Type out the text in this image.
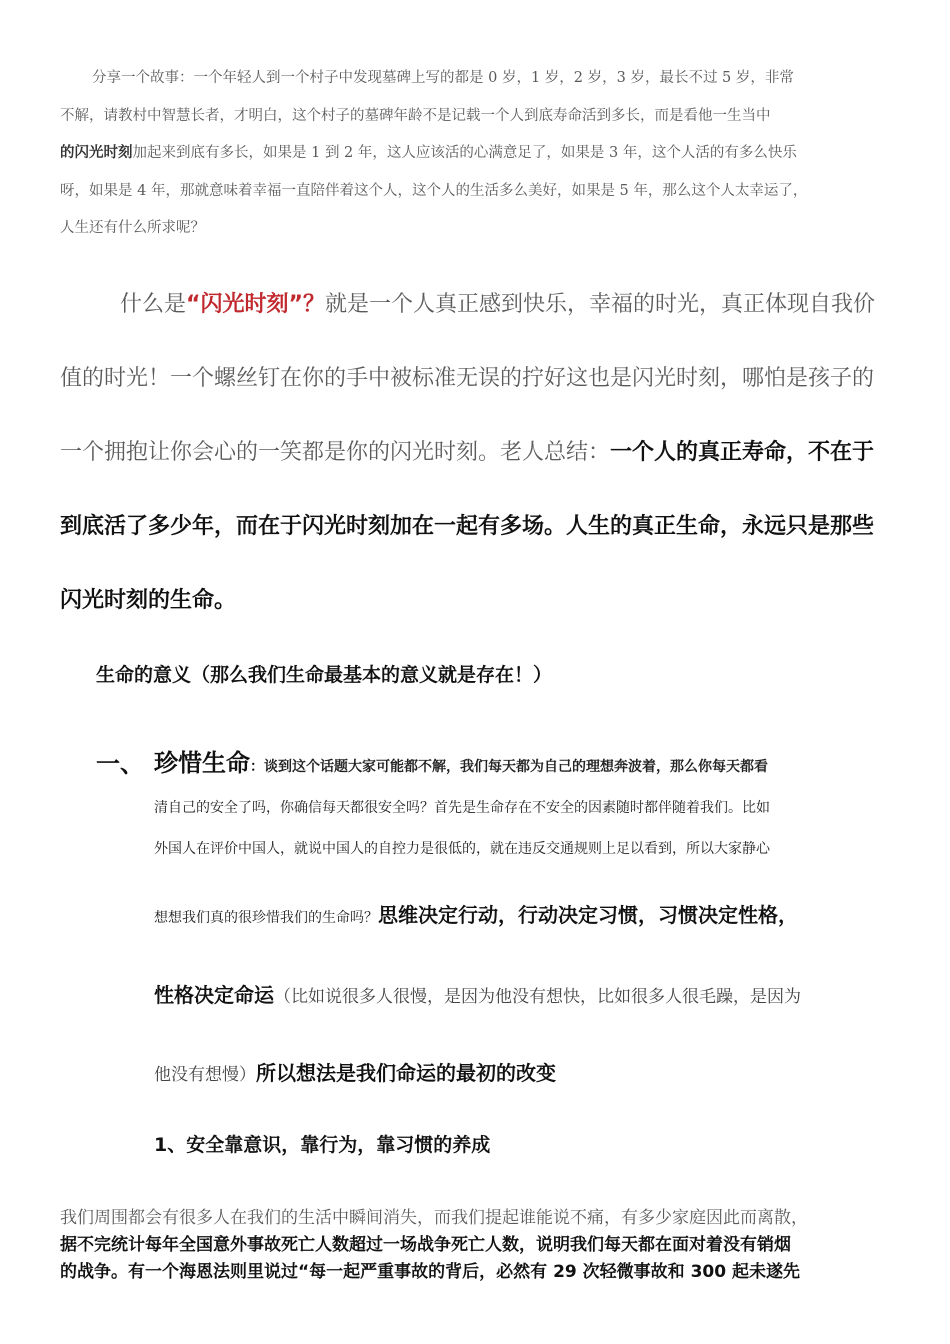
分享一个故事：一个年轻人到一个村子中发现墓碑上写的都是 0 岁，1 岁，2 岁，3 岁，最长不过 5 岁，非常
不解，请教村中智慧长者，才明白，这个村子的墓碑年龄不是记载一个人到底寿命活到多长，而是看他一生当中
的闪光时刻加起来到底有多长，如果是 1 到 2 年，这人应该活的心满意足了，如果是 3 年，这个人活的有多么快乐
呀，如果是 4 年，那就意味着幸福一直陪伴着这个人，这个人的生活多么美好，如果是 5 年，那么这个人太幸运了，
人生还有什么所求呢？
什么是“闪光时刻”？就是一个人真正感到快乐，幸福的时光，真正体现自我价值的时光！一个螺丝钉在你的手中被标准无误的拧好这也是闪光时刻，哪怕是孩子的一个拥抱让你会心的一笑都是你的闪光时刻。老人总结：一个人的真正寿命，不在于到底活了多少年，而在于闪光时刻加在一起有多场。人生的真正生命，永远只是那些闪光时刻的生命。
生命的意义（那么我们生命最基本的意义就是存在！）
一、 珍惜生命：谈到这个话题大家可能都不解，我们每天都为自己的理想奔波着，那么你每天都看
清自己的安全了吗，你确信每天都很安全吗？首先是生命存在不安全的因素随时都伴随着我们。比如
外国人在评价中国人，就说中国人的自控力是很低的，就在违反交通规则上足以看到，所以大家静心
想想我们真的很珍惜我们的生命吗？思维决定行动，行动决定习惯，习惯决定性格，
性格决定命运（比如说很多人很慢，是因为他没有想快，比如很多人很毛躁，是因为
他没有想慢）所以想法是我们命运的最初的改变
1、安全靠意识，靠行为，靠习惯的养成
我们周围都会有很多人在我们的生活中瞬间消失，而我们提起谁能说不痛，有多少家庭因此而离散，
据不完统计每年全国意外事故死亡人数超过一场战争死亡人数，说明我们每天都在面对着没有销烟
的战争。有一个海恩法则里说过“每一起严重事故的背后，必然有 29 次轻微事故和 300 起未遂先
